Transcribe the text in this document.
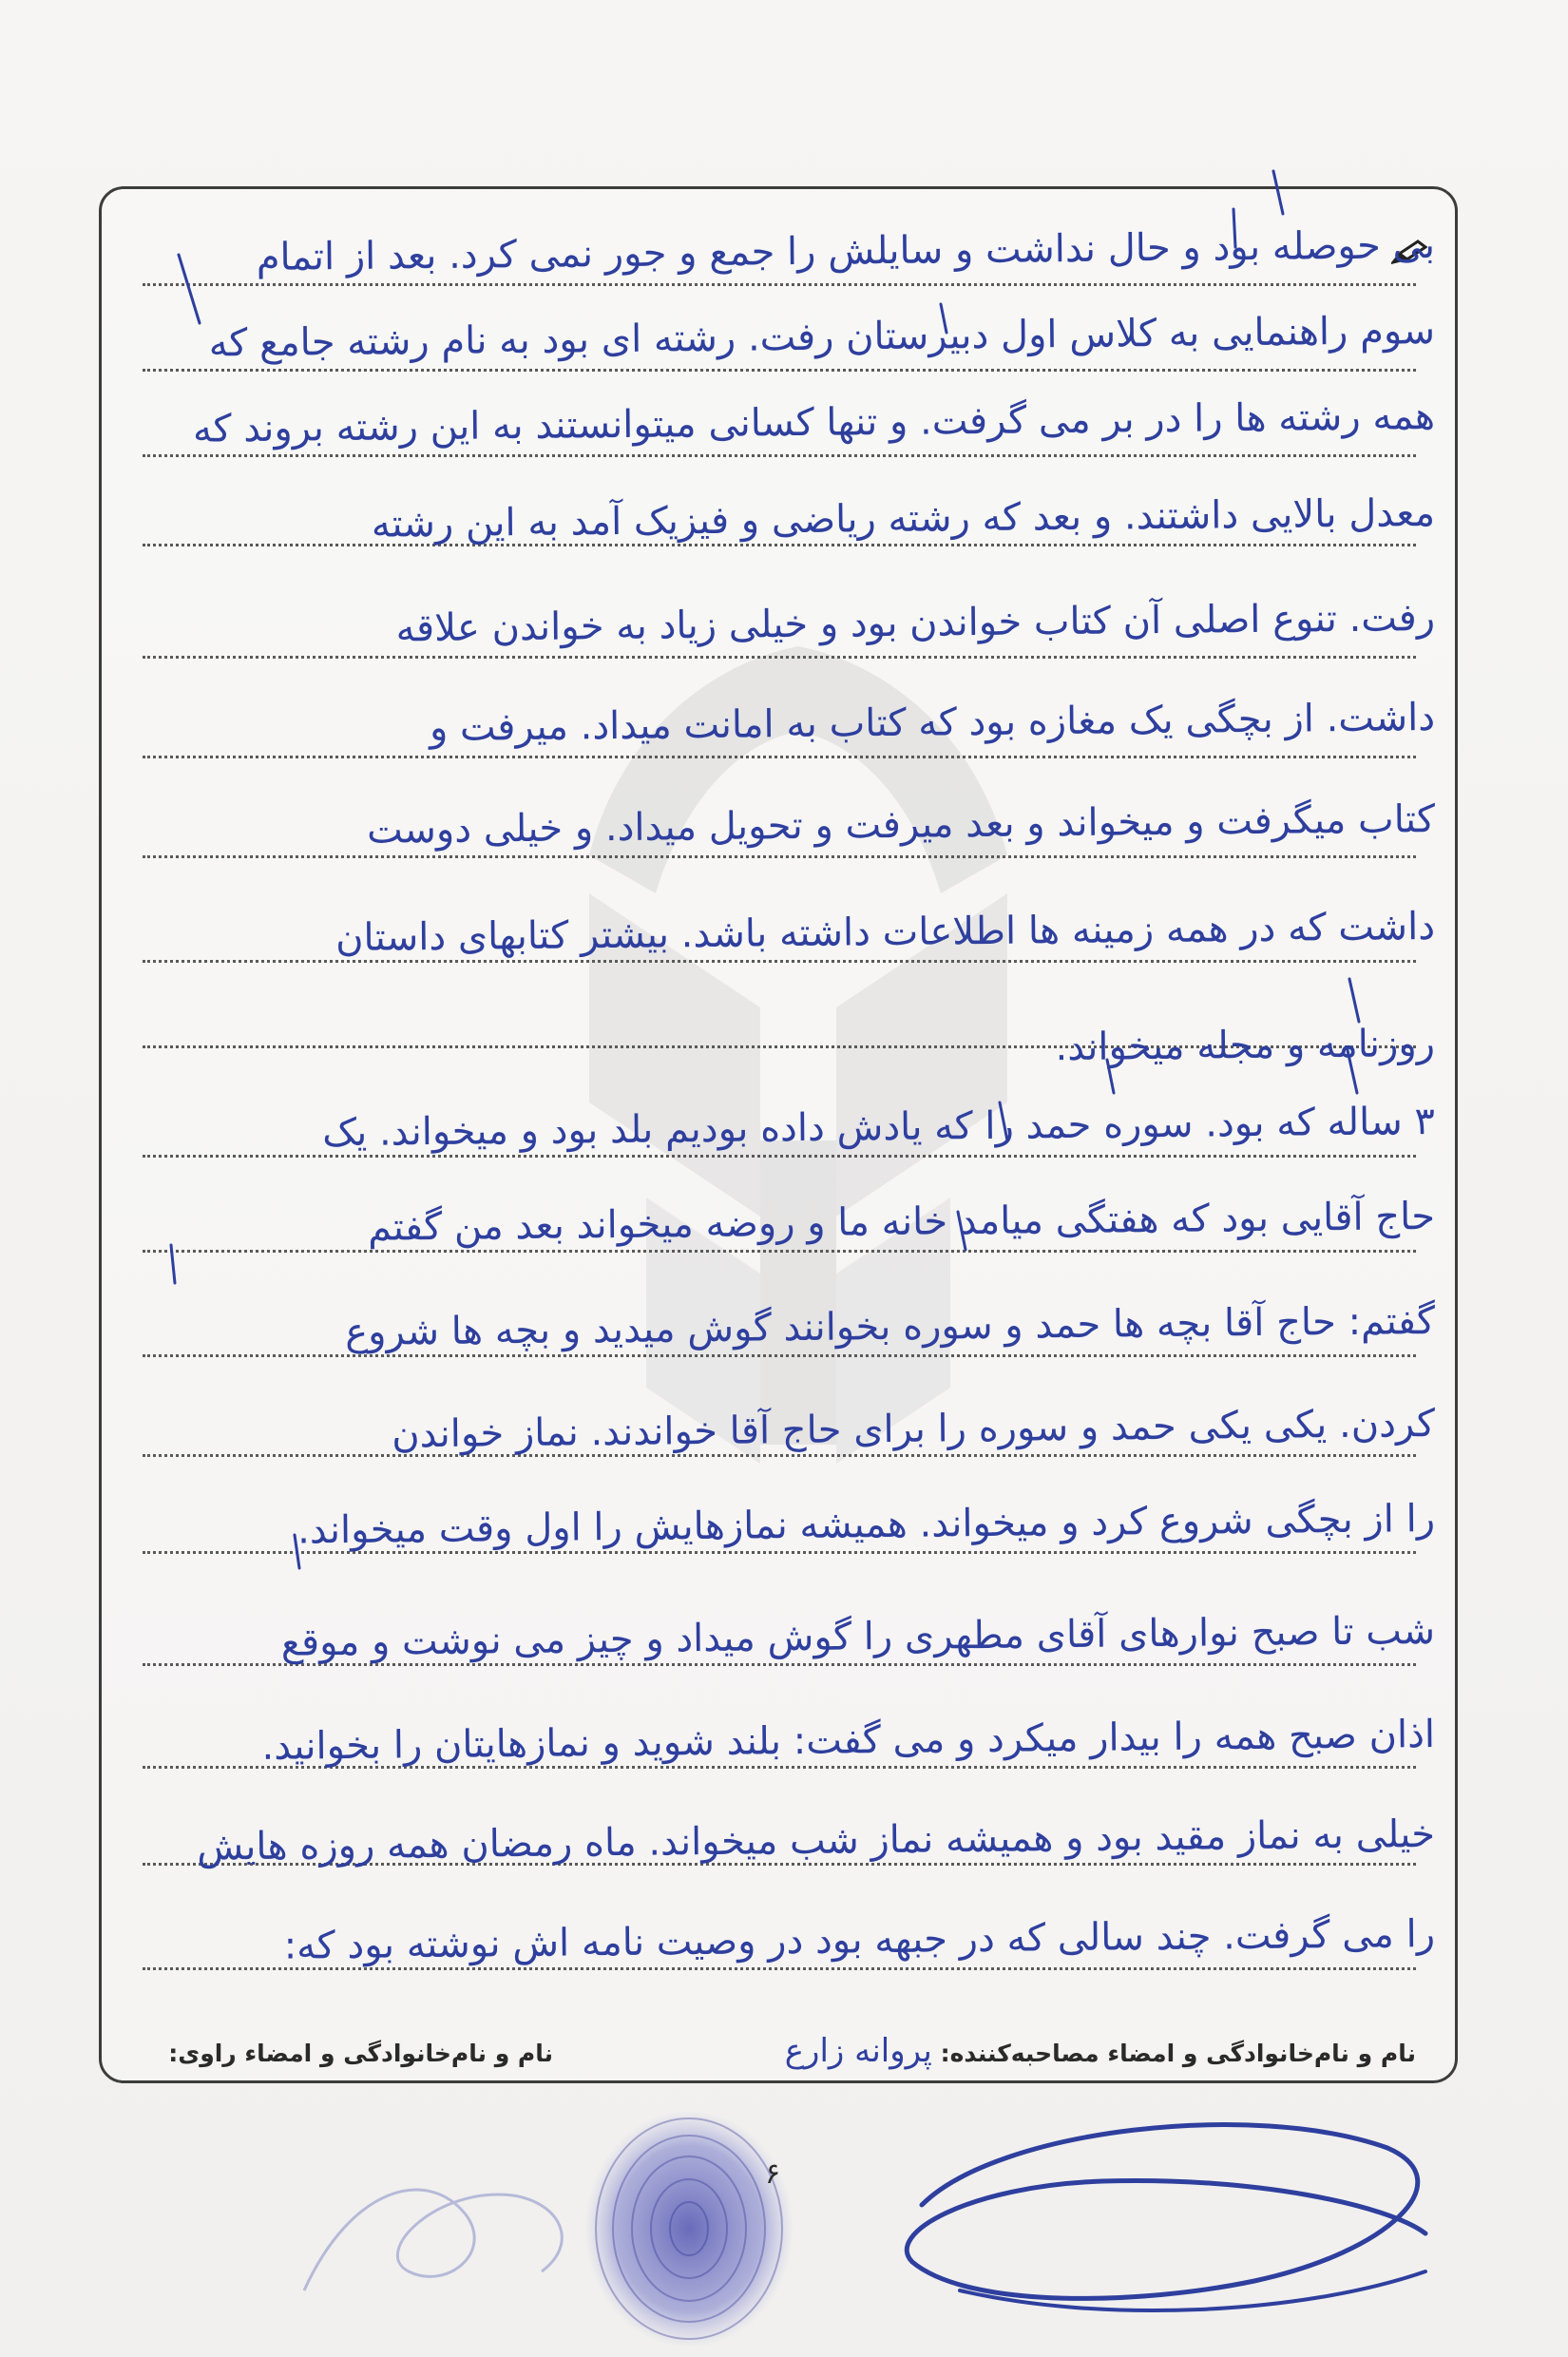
بی حوصله بود و حال نداشت و سایلش را جمع و جور نمی کرد. بعد از اتمام
سوم راهنمایی به کلاس اول دبیرستان رفت. رشته ای بود به نام رشته جامع که
همه رشته ها را در بر می گرفت. و تنها کسانی میتوانستند به این رشته بروند که
معدل بالایی داشتند. و بعد که رشته ریاضی و فیزیک آمد به این رشته
رفت. تنوع اصلی آن کتاب خواندن بود و خیلی زیاد به خواندن علاقه
داشت. از بچگی یک مغازه بود که کتاب به امانت میداد. میرفت و
کتاب میگرفت و میخواند و بعد میرفت و تحویل میداد. و خیلی دوست
داشت که در همه زمینه ها اطلاعات داشته باشد. بیشتر کتابهای داستان
روزنامه و مجله میخواند.
۳ ساله که بود. سوره حمد را که یادش داده بودیم بلد بود و میخواند. یک
حاج آقایی بود که هفتگی میامد خانه ما و روضه میخواند بعد من گفتم
گفتم: حاج آقا بچه ها حمد و سوره بخوانند گوش میدید و بچه ها شروع
کردن. یکی یکی حمد و سوره را برای حاج آقا خواندند. نماز خواندن
را از بچگی شروع کرد و میخواند. همیشه نمازهایش را اول وقت میخواند.
شب تا صبح نوارهای آقای مطهری را گوش میداد و چیز می نوشت و موقع
اذان صبح همه را بیدار میکرد و می گفت: بلند شوید و نمازهایتان را بخوانید.
خیلی به نماز مقید بود و همیشه نماز شب میخواند. ماه رمضان همه روزه هایش
را می گرفت. چند سالی که در جبهه بود در وصیت نامه اش نوشته بود که:
نام و نام‌خانوادگی و امضاء مصاحبه‌کننده: پروانه زارع                            نام و نام‌خانوادگی و امضاء راوی:
۶
